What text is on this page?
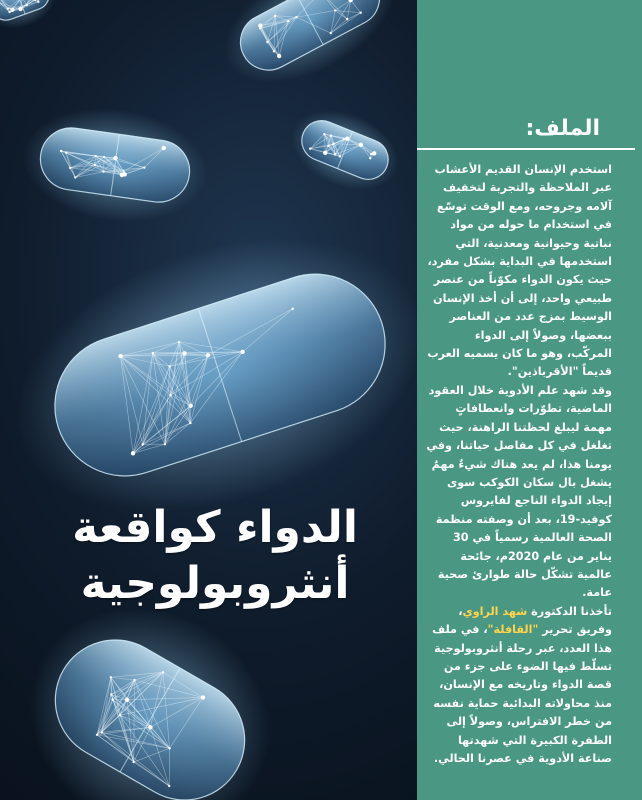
الملف:

استخدم الإنسان القديم الأعشاب عبر الملاحظة والتجربة لتخفيف آلامه وجروحه، ومع الوقت توسّع في استخدام ما حوله من مواد نباتية وحيوانية ومعدنية، التي استخدمها في البداية بشكل مفرد، حيث يكون الدواء مكوّناً من عنصر طبيعي واحد، إلى أن أخذ الإنسان الوسيط بمزج عدد من العناصر ببعضها، وصولاً إلى الدواء المركّب، وهو ما كان يسميه العرب قديماً "الأقرباذين".

وقد شهد علم الأدوية خلال العقود الماضية، تطوّرات وانعطافاتٍ مهمة ليبلغ لحظتنا الراهنة، حيث تغلغل في كل مفاصل حياتنا، وفي يومنا هذا، لم يعد هناك شيءٌ مهمٌ يشغل بال سكان الكوكب سوى إيجاد الدواء الناجع لفايروس كوفيد-19، بعد أن وصفته منظمة الصحة العالمية رسمياً في 30 يناير من عام 2020م، جائحة عالمية تشكّل حالة طوارئ صحية عامة.

تأخذنا الدكتورة شهد الراوي، وفريق تحرير "القافلة"، في ملف هذا العدد، عبر رحلة أنثروبولوجية تسلّط فيها الضوء على جزء من قصة الدواء وتاريخه مع الإنسان، منذ محاولاته البدائية حماية نفسه من خطر الافتراس، وصولاً إلى الطفرة الكبيرة التي شهدتها صناعة الأدوية في عصرنا الحالي.

الدواء كواقعة
أنثروبولوجية
